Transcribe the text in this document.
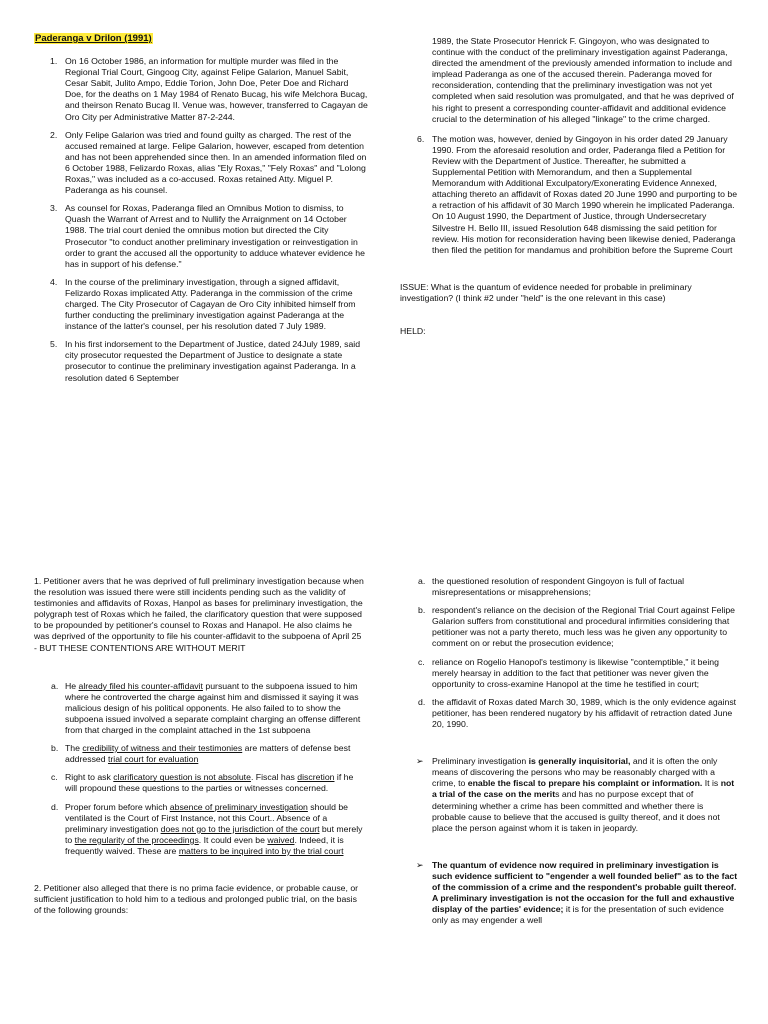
Paderanga v Drilon (1991)
1. On 16 October 1986, an information for multiple murder was filed in the Regional Trial Court, Gingoog City, against Felipe Galarion, Manuel Sabit, Cesar Sabit, Julito Ampo, Eddie Torion, John Doe, Peter Doe and Richard Doe, for the deaths on 1 May 1984 of Renato Bucag, his wife Melchora Bucag, and theirson Renato Bucag II. Venue was, however, transferred to Cagayan de Oro City per Administrative Matter 87-2-244.

2. Only Felipe Galarion was tried and found guilty as charged. The rest of the accused remained at large. Felipe Galarion, however, escaped from detention and has not been apprehended since then. In an amended information filed on 6 October 1988, Felizardo Roxas, alias "Ely Roxas," "Fely Roxas" and "Lolong Roxas," was included as a co-accused. Roxas retained Atty. Miguel P. Paderanga as his counsel.

3. As counsel for Roxas, Paderanga filed an Omnibus Motion to dismiss, to Quash the Warrant of Arrest and to Nullify the Arraignment on 14 October 1988. The trial court denied the omnibus motion but directed the City Prosecutor "to conduct another preliminary investigation or reinvestigation in order to grant the accused all the opportunity to adduce whatever evidence he has in support of his defense."

4. In the course of the preliminary investigation, through a signed affidavit, Felizardo Roxas implicated Atty. Paderanga in the commission of the crime charged. The City Prosecutor of Cagayan de Oro City inhibited himself from further conducting the preliminary investigation against Paderanga at the instance of the latter's counsel, per his resolution dated 7 July 1989.

5. In his first indorsement to the Department of Justice, dated 24July 1989, said city prosecutor requested the Department of Justice to designate a state prosecutor to continue the preliminary investigation against Paderanga. In a resolution dated 6 September

1989, the State Prosecutor Henrick F. Gingoyon, who was designated to continue with the conduct of the preliminary investigation against Paderanga, directed the amendment of the previously amended information to include and implead Paderanga as one of the accused therein. Paderanga moved for reconsideration, contending that the preliminary investigation was not yet completed when said resolution was promulgated, and that he was deprived of his right to present a corresponding counter-affidavit and additional evidence crucial to the determination of his alleged "linkage" to the crime charged.

6. The motion was, however, denied by Gingoyon in his order dated 29 January 1990. From the aforesaid resolution and order, Paderanga filed a Petition for Review with the Department of Justice. Thereafter, he submitted a Supplemental Petition with Memorandum, and then a Supplemental Memorandum with Additional Exculpatory/Exonerating Evidence Annexed, attaching thereto an affidavit of Roxas dated 20 June 1990 and purporting to be a retraction of his affidavit of 30 March 1990 wherein he implicated Paderanga. On 10 August 1990, the Department of Justice, through Undersecretary Silvestre H. Bello III, issued Resolution 648 dismissing the said petition for review. His motion for reconsideration having been likewise denied, Paderanga then filed the petition for mandamus and prohibition before the Supreme Court

ISSUE: What is the quantum of evidence needed for probable in preliminary investigation? (I think #2 under "held" is the one relevant in this case)

HELD:

1. Petitioner avers that he was deprived of full preliminary investigation because when the resolution was issued there were still incidents pending such as the validity of testimonies and affidavits of Roxas, Hanpol as bases for preliminary investigation, the polygraph test of Roxas which he failed, the clarificatory question that were supposed to be propounded by petitioner's counsel to Roxas and Hanapol. He also claims he was deprived of the opportunity to file his counter-affidavit to the subpoena of April 25 - BUT THESE CONTENTIONS ARE WITHOUT MERIT

a. He already filed his counter-affidavit pursuant to the subpoena issued to him where he controverted the charge against him and dismissed it saying it was malicious design of his political opponents. He also failed to to show the subpoena issued involved a separate complaint charging an offense different from that charged in the complaint attached in the 1st subpoena

b. The credibility of witness and their testimonies are matters of defense best addressed trial court for evaluation

c. Right to ask clarificatory question is not absolute. Fiscal has discretion if he will propound these questions to the parties or witnesses concerned.

d. Proper forum before which absence of preliminary investigation should be ventilated is the Court of First Instance, not this Court.. Absence of a preliminary investigation does not go to the jurisdiction of the court but merely to the regularity of the proceedings. It could even be waived. Indeed, it is frequently waived. These are matters to be inquired into by the trial court

2. Petitioner also alleged that there is no prima facie evidence, or probable cause, or sufficient justification to hold him to a tedious and prolonged public trial, on the basis of the following grounds:

a. the questioned resolution of respondent Gingoyon is full of factual misrepresentations or misapprehensions;

b. respondent's reliance on the decision of the Regional Trial Court against Felipe Galarion suffers from constitutional and procedural infirmities considering that petitioner was not a party thereto, much less was he given any opportunity to comment on or rebut the prosecution evidence;

c. reliance on Rogelio Hanopol's testimony is likewise "contemptible," it being merely hearsay in addition to the fact that petitioner was never given the opportunity to cross-examine Hanopol at the time he testified in court;

d. the affidavit of Roxas dated March 30, 1989, which is the only evidence against petitioner, has been rendered nugatory by his affidavit of retraction dated June 20, 1990.

➢ Preliminary investigation is generally inquisitorial, and it is often the only means of discovering the persons who may be reasonably charged with a crime, to enable the fiscal to prepare his complaint or information. It is not a trial of the case on the merits and has no purpose except that of determining whether a crime has been committed and whether there is probable cause to believe that the accused is guilty thereof, and it does not place the person against whom it is taken in jeopardy.

➢ The quantum of evidence now required in preliminary investigation is such evidence sufficient to "engender a well founded belief" as to the fact of the commission of a crime and the respondent's probable guilt thereof. A preliminary investigation is not the occasion for the full and exhaustive display of the parties' evidence; it is for the presentation of such evidence only as may engender a well
